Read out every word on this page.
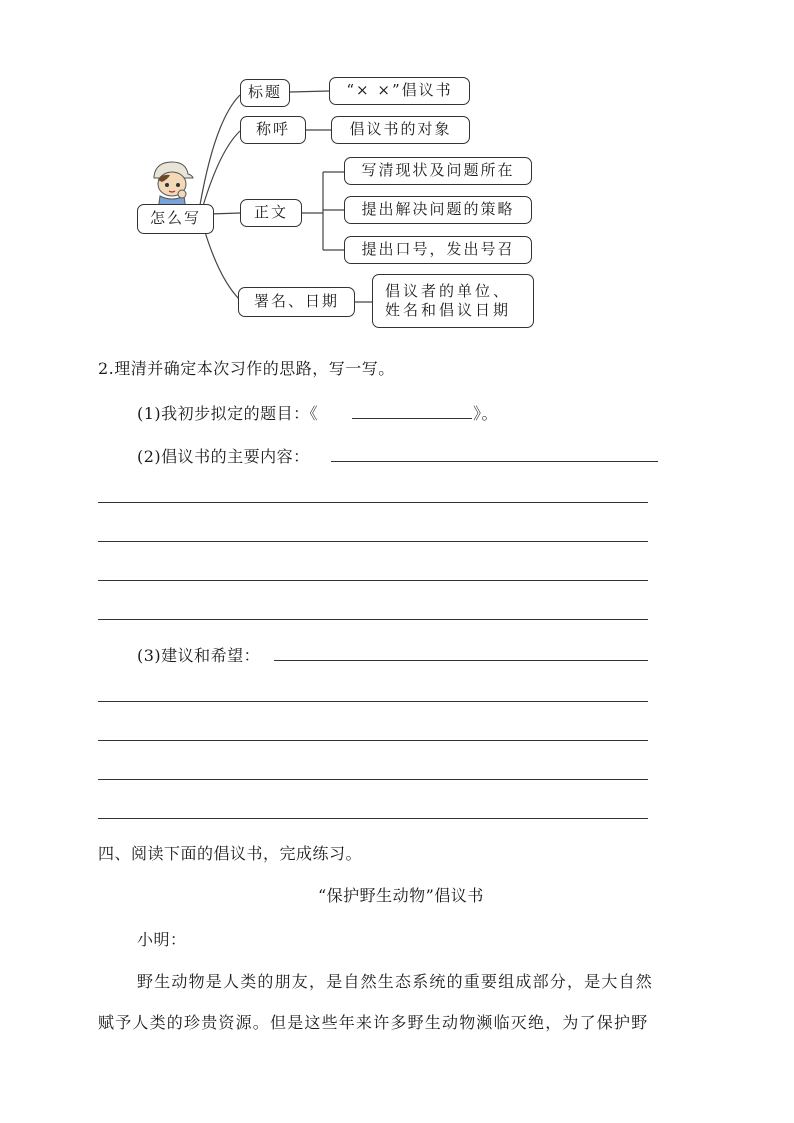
怎么写
标题
称呼
正文
署名、日期
“× ×”倡议书
倡议书的对象
写清现状及问题所在
提出解决问题的策略
提出口号，发出号召
倡议者的单位、
姓名和倡议日期
2.理清并确定本次习作的思路，写一写。
(1)我初步拟定的题目：《	》。
(2)倡议书的主要内容：
(3)建议和希望：
四、阅读下面的倡议书，完成练习。
“保护野生动物”倡议书
小明：
野生动物是人类的朋友，是自然生态系统的重要组成部分，是大自然
赋予人类的珍贵资源。但是这些年来许多野生动物濒临灭绝，为了保护野
